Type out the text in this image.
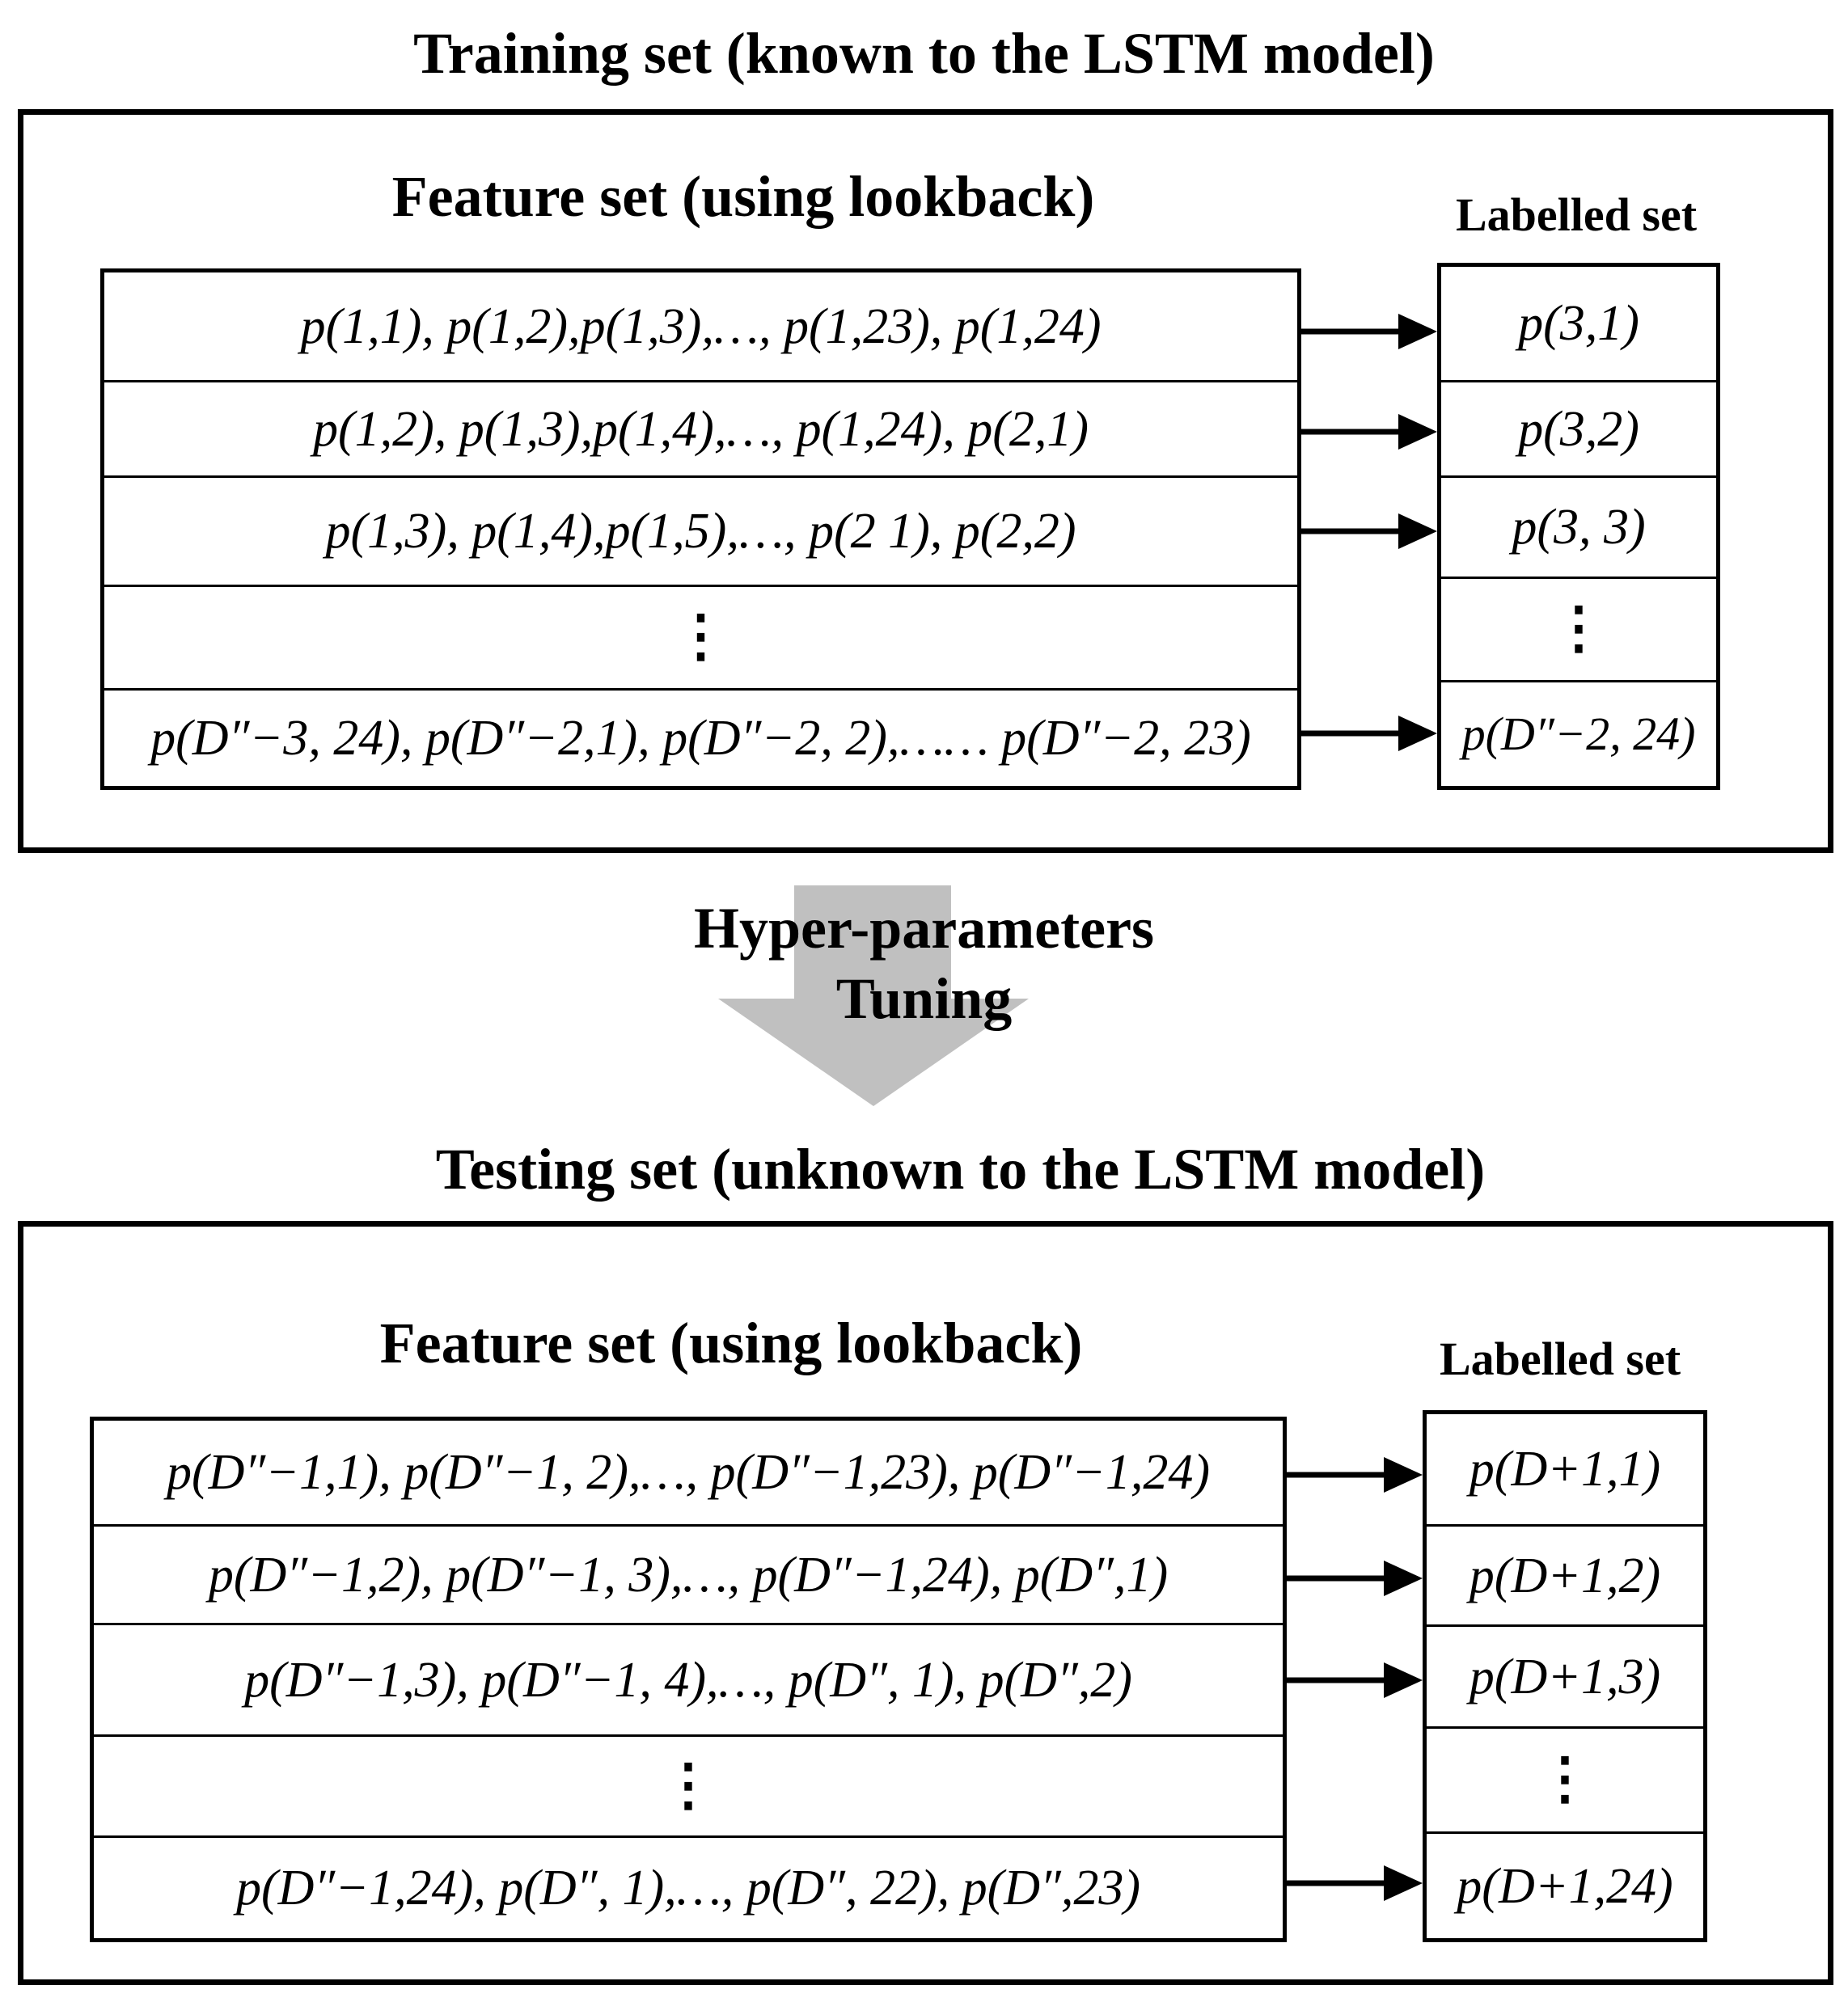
Training set (known to the LSTM model)
Feature set (using lookback)	Labelled set
p(1,1), p(1,2),p(1,3),…, p(1,23), p(1,24)
p(1,2), p(1,3),p(1,4),…, p(1,24), p(2,1)
p(1,3), p(1,4),p(1,5),…, p(2 1), p(2,2)
⋮
p(D″−3, 24), p(D″−2,1), p(D″−2, 2),…… p(D″−2, 23)
p(3,1)
p(3,2)
p(3, 3)
⋮
p(D″−2, 24)
Hyper-parameters
Tuning
Testing set (unknown to the LSTM model)
Feature set (using lookback)	Labelled set
p(D″−1,1), p(D″−1, 2),…, p(D″−1,23), p(D″−1,24)
p(D″−1,2), p(D″−1, 3),…, p(D″−1,24), p(D″,1)
p(D″−1,3), p(D″−1, 4),…, p(D″, 1), p(D″,2)
⋮
p(D″−1,24), p(D″, 1),…, p(D″, 22), p(D″,23)
p(D+1,1)
p(D+1,2)
p(D+1,3)
⋮
p(D+1,24)
